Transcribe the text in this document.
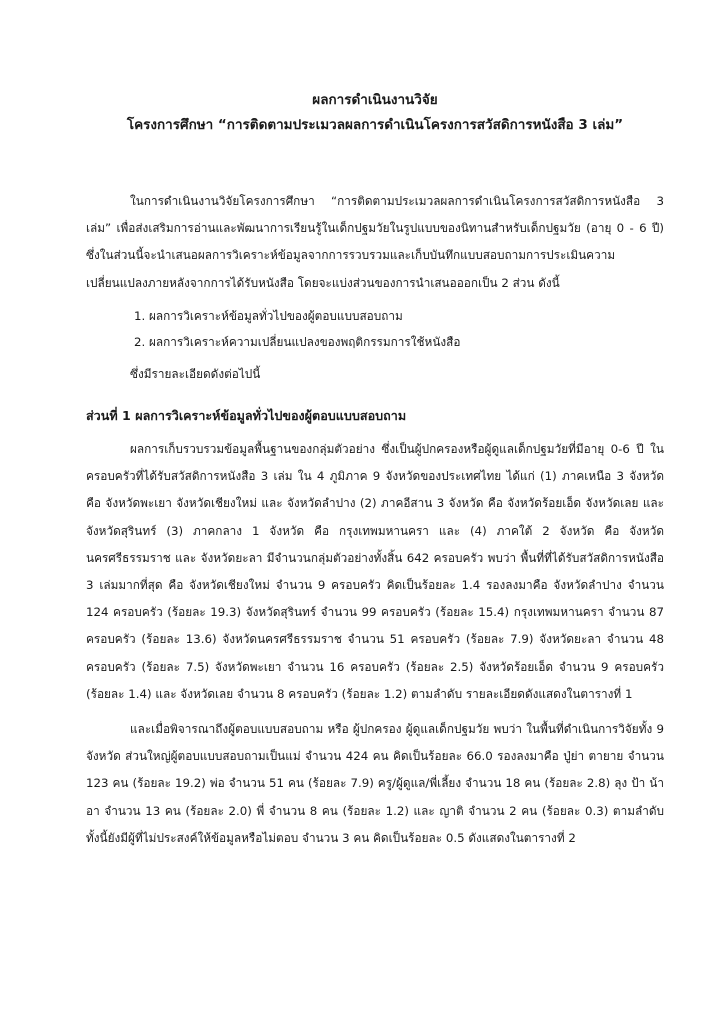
ผลการดำเนินงานวิจัย
โครงการศึกษา “การติดตามประเมวลผลการดำเนินโครงการสวัสดิการหนังสือ 3 เล่ม”

ในการดำเนินงานวิจัยโครงการศึกษา “การติดตามประเมวลผลการดำเนินโครงการสวัสดิการหนังสือ 3 เล่ม” เพื่อส่งเสริมการอ่านและพัฒนาการเรียนรู้ในเด็กปฐมวัยในรูปแบบของนิทานสำหรับเด็กปฐมวัย (อายุ 0 - 6 ปี) ซึ่งในส่วนนี้จะนำเสนอผลการวิเคราะห์ข้อมูลจากการรวบรวมและเก็บบันทึกแบบสอบถามการประเมินความเปลี่ยนแปลงภายหลังจากการได้รับหนังสือ โดยจะแบ่งส่วนของการนำเสนอออกเป็น 2 ส่วน ดังนี้

1. ผลการวิเคราะห์ข้อมูลทั่วไปของผู้ตอบแบบสอบถาม
2. ผลการวิเคราะห์ความเปลี่ยนแปลงของพฤติกรรมการใช้หนังสือ

ซึ่งมีรายละเอียดดังต่อไปนี้

ส่วนที่ 1 ผลการวิเคราะห์ข้อมูลทั่วไปของผู้ตอบแบบสอบถาม

ผลการเก็บรวบรวมข้อมูลพื้นฐานของกลุ่มตัวอย่าง ซึ่งเป็นผู้ปกครองหรือผู้ดูแลเด็กปฐมวัยที่มีอายุ 0-6 ปี ในครอบครัวที่ได้รับสวัสดิการหนังสือ 3 เล่ม ใน 4 ภูมิภาค 9 จังหวัดของประเทศไทย ได้แก่ (1) ภาคเหนือ 3 จังหวัด คือ จังหวัดพะเยา จังหวัดเชียงใหม่ และ จังหวัดลำปาง (2) ภาคอีสาน 3 จังหวัด คือ จังหวัดร้อยเอ็ด จังหวัดเลย และ จังหวัดสุรินทร์ (3) ภาคกลาง 1 จังหวัด คือ กรุงเทพมหานครา และ (4) ภาคใต้ 2 จังหวัด คือ จังหวัดนครศรีธรรมราช และ จังหวัดยะลา มีจำนวนกลุ่มตัวอย่างทั้งสิ้น 642 ครอบครัว พบว่า พื้นที่ที่ได้รับสวัสดิการหนังสือ 3 เล่มมากที่สุด คือ จังหวัดเชียงใหม่ จำนวน 9 ครอบครัว คิดเป็นร้อยละ 1.4 รองลงมาคือ จังหวัดลำปาง จำนวน 124 ครอบครัว (ร้อยละ 19.3) จังหวัดสุรินทร์ จำนวน 99 ครอบครัว (ร้อยละ 15.4) กรุงเทพมหานครา จำนวน 87 ครอบครัว (ร้อยละ 13.6) จังหวัดนครศรีธรรมราช จำนวน 51 ครอบครัว (ร้อยละ 7.9) จังหวัดยะลา จำนวน 48 ครอบครัว (ร้อยละ 7.5) จังหวัดพะเยา จำนวน 16 ครอบครัว (ร้อยละ 2.5) จังหวัดร้อยเอ็ด จำนวน 9 ครอบครัว (ร้อยละ 1.4) และ จังหวัดเลย จำนวน 8 ครอบครัว (ร้อยละ 1.2) ตามลำดับ รายละเอียดดังแสดงในตารางที่ 1

และเมื่อพิจารณาถึงผู้ตอบแบบสอบถาม หรือ ผู้ปกครอง ผู้ดูแลเด็กปฐมวัย พบว่า ในพื้นที่ดำเนินการวิจัยทั้ง 9 จังหวัด ส่วนใหญ่ผู้ตอบแบบสอบถามเป็นแม่ จำนวน 424 คน คิดเป็นร้อยละ 66.0 รองลงมาคือ ปู่ย่า ตายาย จำนวน 123 คน (ร้อยละ 19.2) พ่อ จำนวน 51 คน (ร้อยละ 7.9) ครู/ผู้ดูแล/พี่เลี้ยง จำนวน 18 คน (ร้อยละ 2.8) ลุง ป้า น้า อา จำนวน 13 คน (ร้อยละ 2.0) พี่ จำนวน 8 คน (ร้อยละ 1.2) และ ญาติ จำนวน 2 คน (ร้อยละ 0.3) ตามลำดับ ทั้งนี้ยังมีผู้ที่ไม่ประสงค์ให้ข้อมูลหรือไม่ตอบ จำนวน 3 คน คิดเป็นร้อยละ 0.5 ดังแสดงในตารางที่ 2
